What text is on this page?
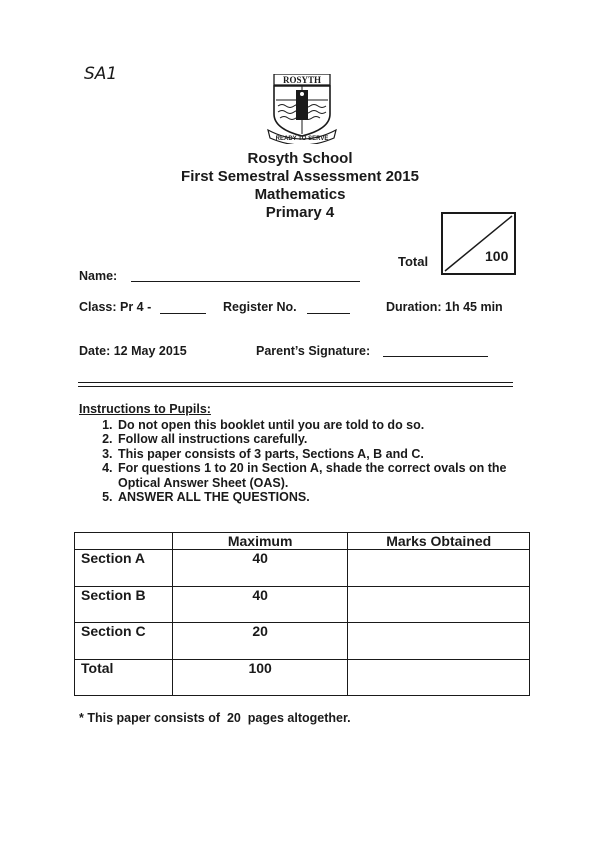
SA1	ROSYTH
READY TO SERVE
Rosyth School
First Semestral Assessment 2015
Mathematics
Primary 4
Total	100
Name:
Class: Pr 4 -	Register No.	Duration: 1h 45 min
Date: 12 May 2015	Parent’s Signature:
Instructions to Pupils:
1. Do not open this booklet until you are told to do so.
2. Follow all instructions carefully.
3. This paper consists of 3 parts, Sections A, B and C.
4. For questions 1 to 20 in Section A, shade the correct ovals on the Optical Answer Sheet (OAS).
5. ANSWER ALL THE QUESTIONS.
	Maximum	Marks Obtained
Section A	40	
Section B	40	
Section C	20	
Total	100	
* This paper consists of  20  pages altogether.
